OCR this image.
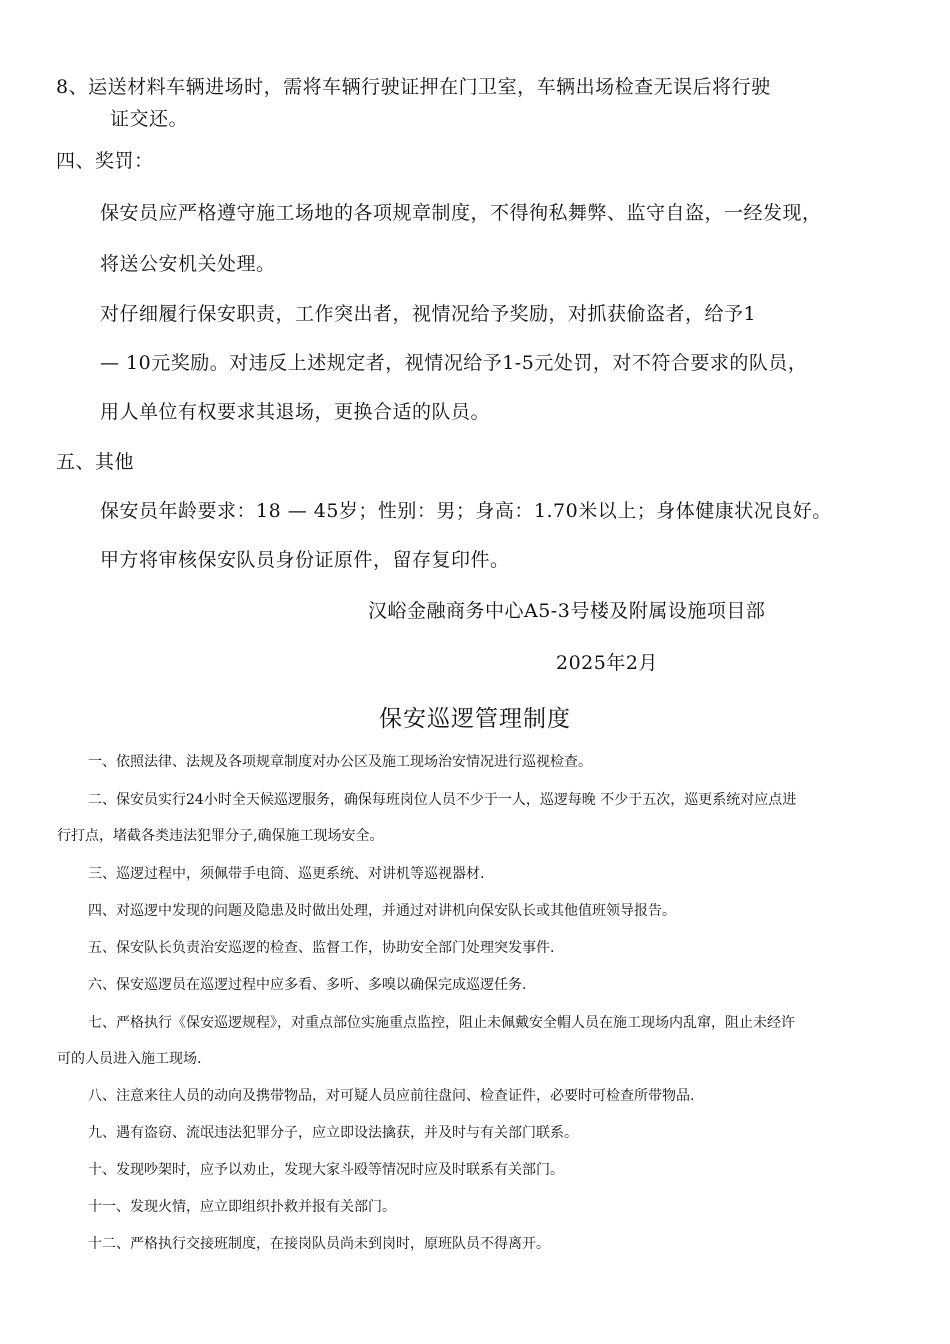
8、运送材料车辆进场时，需将车辆行驶证押在门卫室，车辆出场检查无误后将行驶
证交还。
四、奖罚：
保安员应严格遵守施工场地的各项规章制度，不得徇私舞弊、监守自盗，一经发现，
将送公安机关处理。
对仔细履行保安职责，工作突出者，视情况给予奖励，对抓获偷盗者，给予1
— 10元奖励。对违反上述规定者，视情况给予1-5元处罚，对不符合要求的队员，
用人单位有权要求其退场，更换合适的队员。
五、其他
保安员年龄要求：18 — 45岁；性别：男；身高：1.70米以上；身体健康状况良好。
甲方将审核保安队员身份证原件，留存复印件。
汉峪金融商务中心A5-3号楼及附属设施项目部
2025年2月
保安巡逻管理制度
一、依照法律、法规及各项规章制度对办公区及施工现场治安情况进行巡视检查。
二、保安员实行24小时全天候巡逻服务，确保每班岗位人员不少于一人，巡逻每晚 不少于五次，巡更系统对应点进
行打点，堵截各类违法犯罪分子,确保施工现场安全。
三、巡逻过程中，须佩带手电筒、巡更系统、对讲机等巡视器材.
四、对巡逻中发现的问题及隐患及时做出处理，并通过对讲机向保安队长或其他值班领导报告。
五、保安队长负责治安巡逻的检查、监督工作，协助安全部门处理突发事件.
六、保安巡逻员在巡逻过程中应多看、多听、多嗅以确保完成巡逻任务.
七、严格执行《保安巡逻规程》，对重点部位实施重点监控，阻止未佩戴安全帽人员在施工现场内乱窜，阻止未经许
可的人员进入施工现场.
八、注意来往人员的动向及携带物品，对可疑人员应前往盘问、检查证件，必要时可检查所带物品.
九、遇有盗窃、流氓违法犯罪分子，应立即设法擒获，并及时与有关部门联系。
十、发现吵架时，应予以劝止，发现大家斗殴等情况时应及时联系有关部门。
十一、发现火情，应立即组织扑救并报有关部门。
十二、严格执行交接班制度，在接岗队员尚未到岗时，原班队员不得离开。
